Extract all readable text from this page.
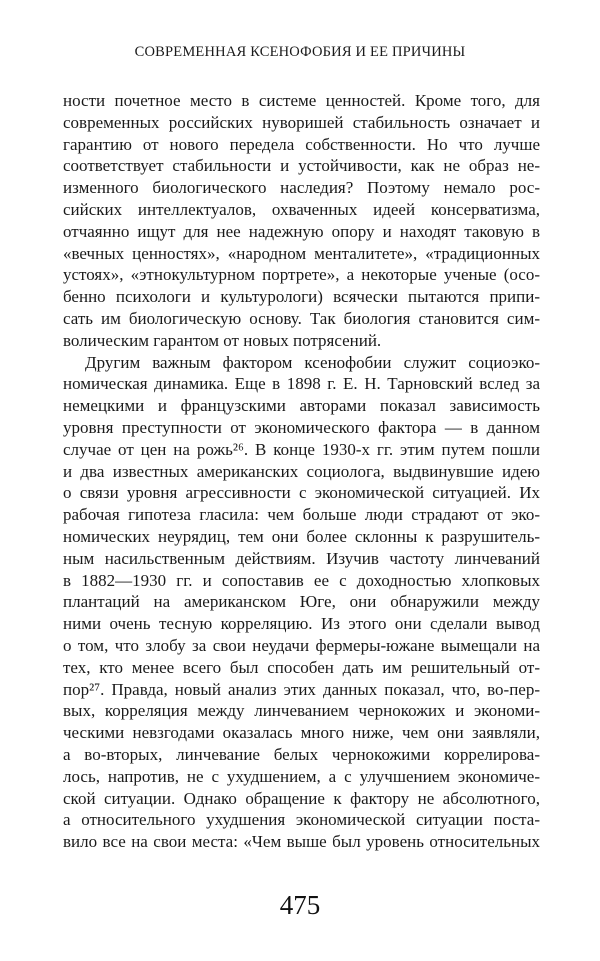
СОВРЕМЕННАЯ КСЕНОФОБИЯ И ЕЕ ПРИЧИНЫ
ности почетное место в системе ценностей. Кроме того, для
современных российских нуворишей стабильность означает и
гарантию от нового передела собственности. Но что лучше
соответствует стабильности и устойчивости, как не образ не-
изменного биологического наследия? Поэтому немало рос-
сийских интеллектуалов, охваченных идеей консерватизма,
отчаянно ищут для нее надежную опору и находят таковую в
«вечных ценностях», «народном менталитете», «традиционных
устоях», «этнокультурном портрете», а некоторые ученые (осо-
бенно психологи и культурологи) всячески пытаются припи-
сать им биологическую основу. Так биология становится сим-
волическим гарантом от новых потрясений.
Другим важным фактором ксенофобии служит социоэко-
номическая динамика. Еще в 1898 г. Е. Н. Тарновский вслед за
немецкими и французскими авторами показал зависимость
уровня преступности от экономического фактора — в данном
случае от цен на рожь²⁶. В конце 1930-х гг. этим путем пошли
и два известных американских социолога, выдвинувшие идею
о связи уровня агрессивности с экономической ситуацией. Их
рабочая гипотеза гласила: чем больше люди страдают от эко-
номических неурядиц, тем они более склонны к разрушитель-
ным насильственным действиям. Изучив частоту линчеваний
в 1882—1930 гг. и сопоставив ее с доходностью хлопковых
плантаций на американском Юге, они обнаружили между
ними очень тесную корреляцию. Из этого они сделали вывод
о том, что злобу за свои неудачи фермеры-южане вымещали на
тех, кто менее всего был способен дать им решительный от-
пор²⁷. Правда, новый анализ этих данных показал, что, во-пер-
вых, корреляция между линчеванием чернокожих и экономи-
ческими невзгодами оказалась много ниже, чем они заявляли,
а во-вторых, линчевание белых чернокожими коррелирова-
лось, напротив, не с ухудшением, а с улучшением экономиче-
ской ситуации. Однако обращение к фактору не абсолютного,
а относительного ухудшения экономической ситуации поста-
вило все на свои места: «Чем выше был уровень относительных
475
